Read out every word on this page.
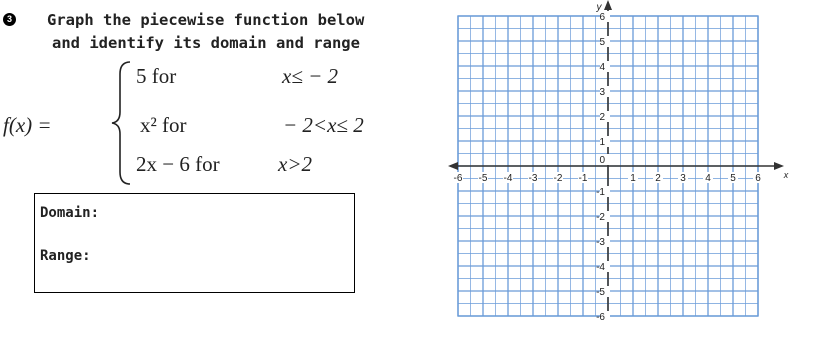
3 Graph the piecewise function below
and identify its domain and range
f(x) =
5 for	x≤ − 2
x² for	− 2<x≤ 2
2x − 6 for	x>2
Domain:
Range:
-6 -5 -4 -3 -2 -1	1 2 3 4 5 6
6
5
4
3
2
1
-1
-2
-3
-4
-5
-6
0
x
y
